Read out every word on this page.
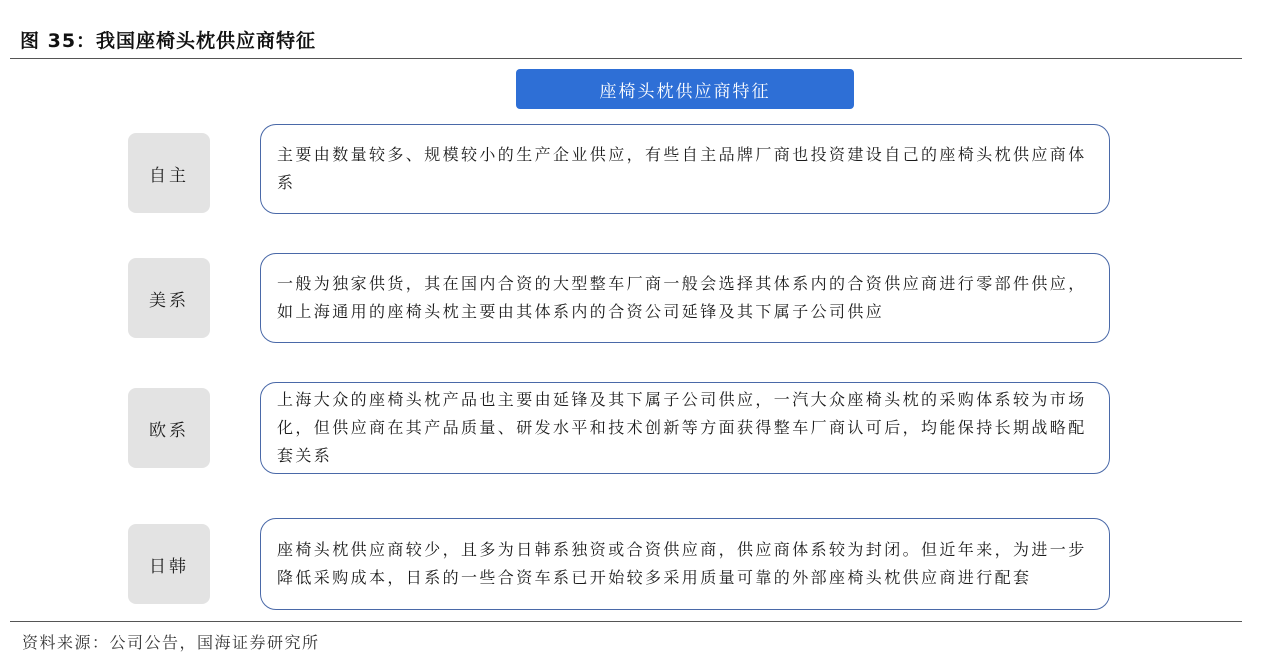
图 35：我国座椅头枕供应商特征
座椅头枕供应商特征
自主
主要由数量较多、规模较小的生产企业供应，有些自主品牌厂商也投资建设自己的座椅头枕供应商体系
美系
一般为独家供货，其在国内合资的大型整车厂商一般会选择其体系内的合资供应商进行零部件供应，如上海通用的座椅头枕主要由其体系内的合资公司延锋及其下属子公司供应
欧系
上海大众的座椅头枕产品也主要由延锋及其下属子公司供应，一汽大众座椅头枕的采购体系较为市场化，但供应商在其产品质量、研发水平和技术创新等方面获得整车厂商认可后，均能保持长期战略配套关系
日韩
座椅头枕供应商较少，且多为日韩系独资或合资供应商，供应商体系较为封闭。但近年来，为进一步降低采购成本，日系的一些合资车系已开始较多采用质量可靠的外部座椅头枕供应商进行配套
资料来源：公司公告，国海证券研究所
